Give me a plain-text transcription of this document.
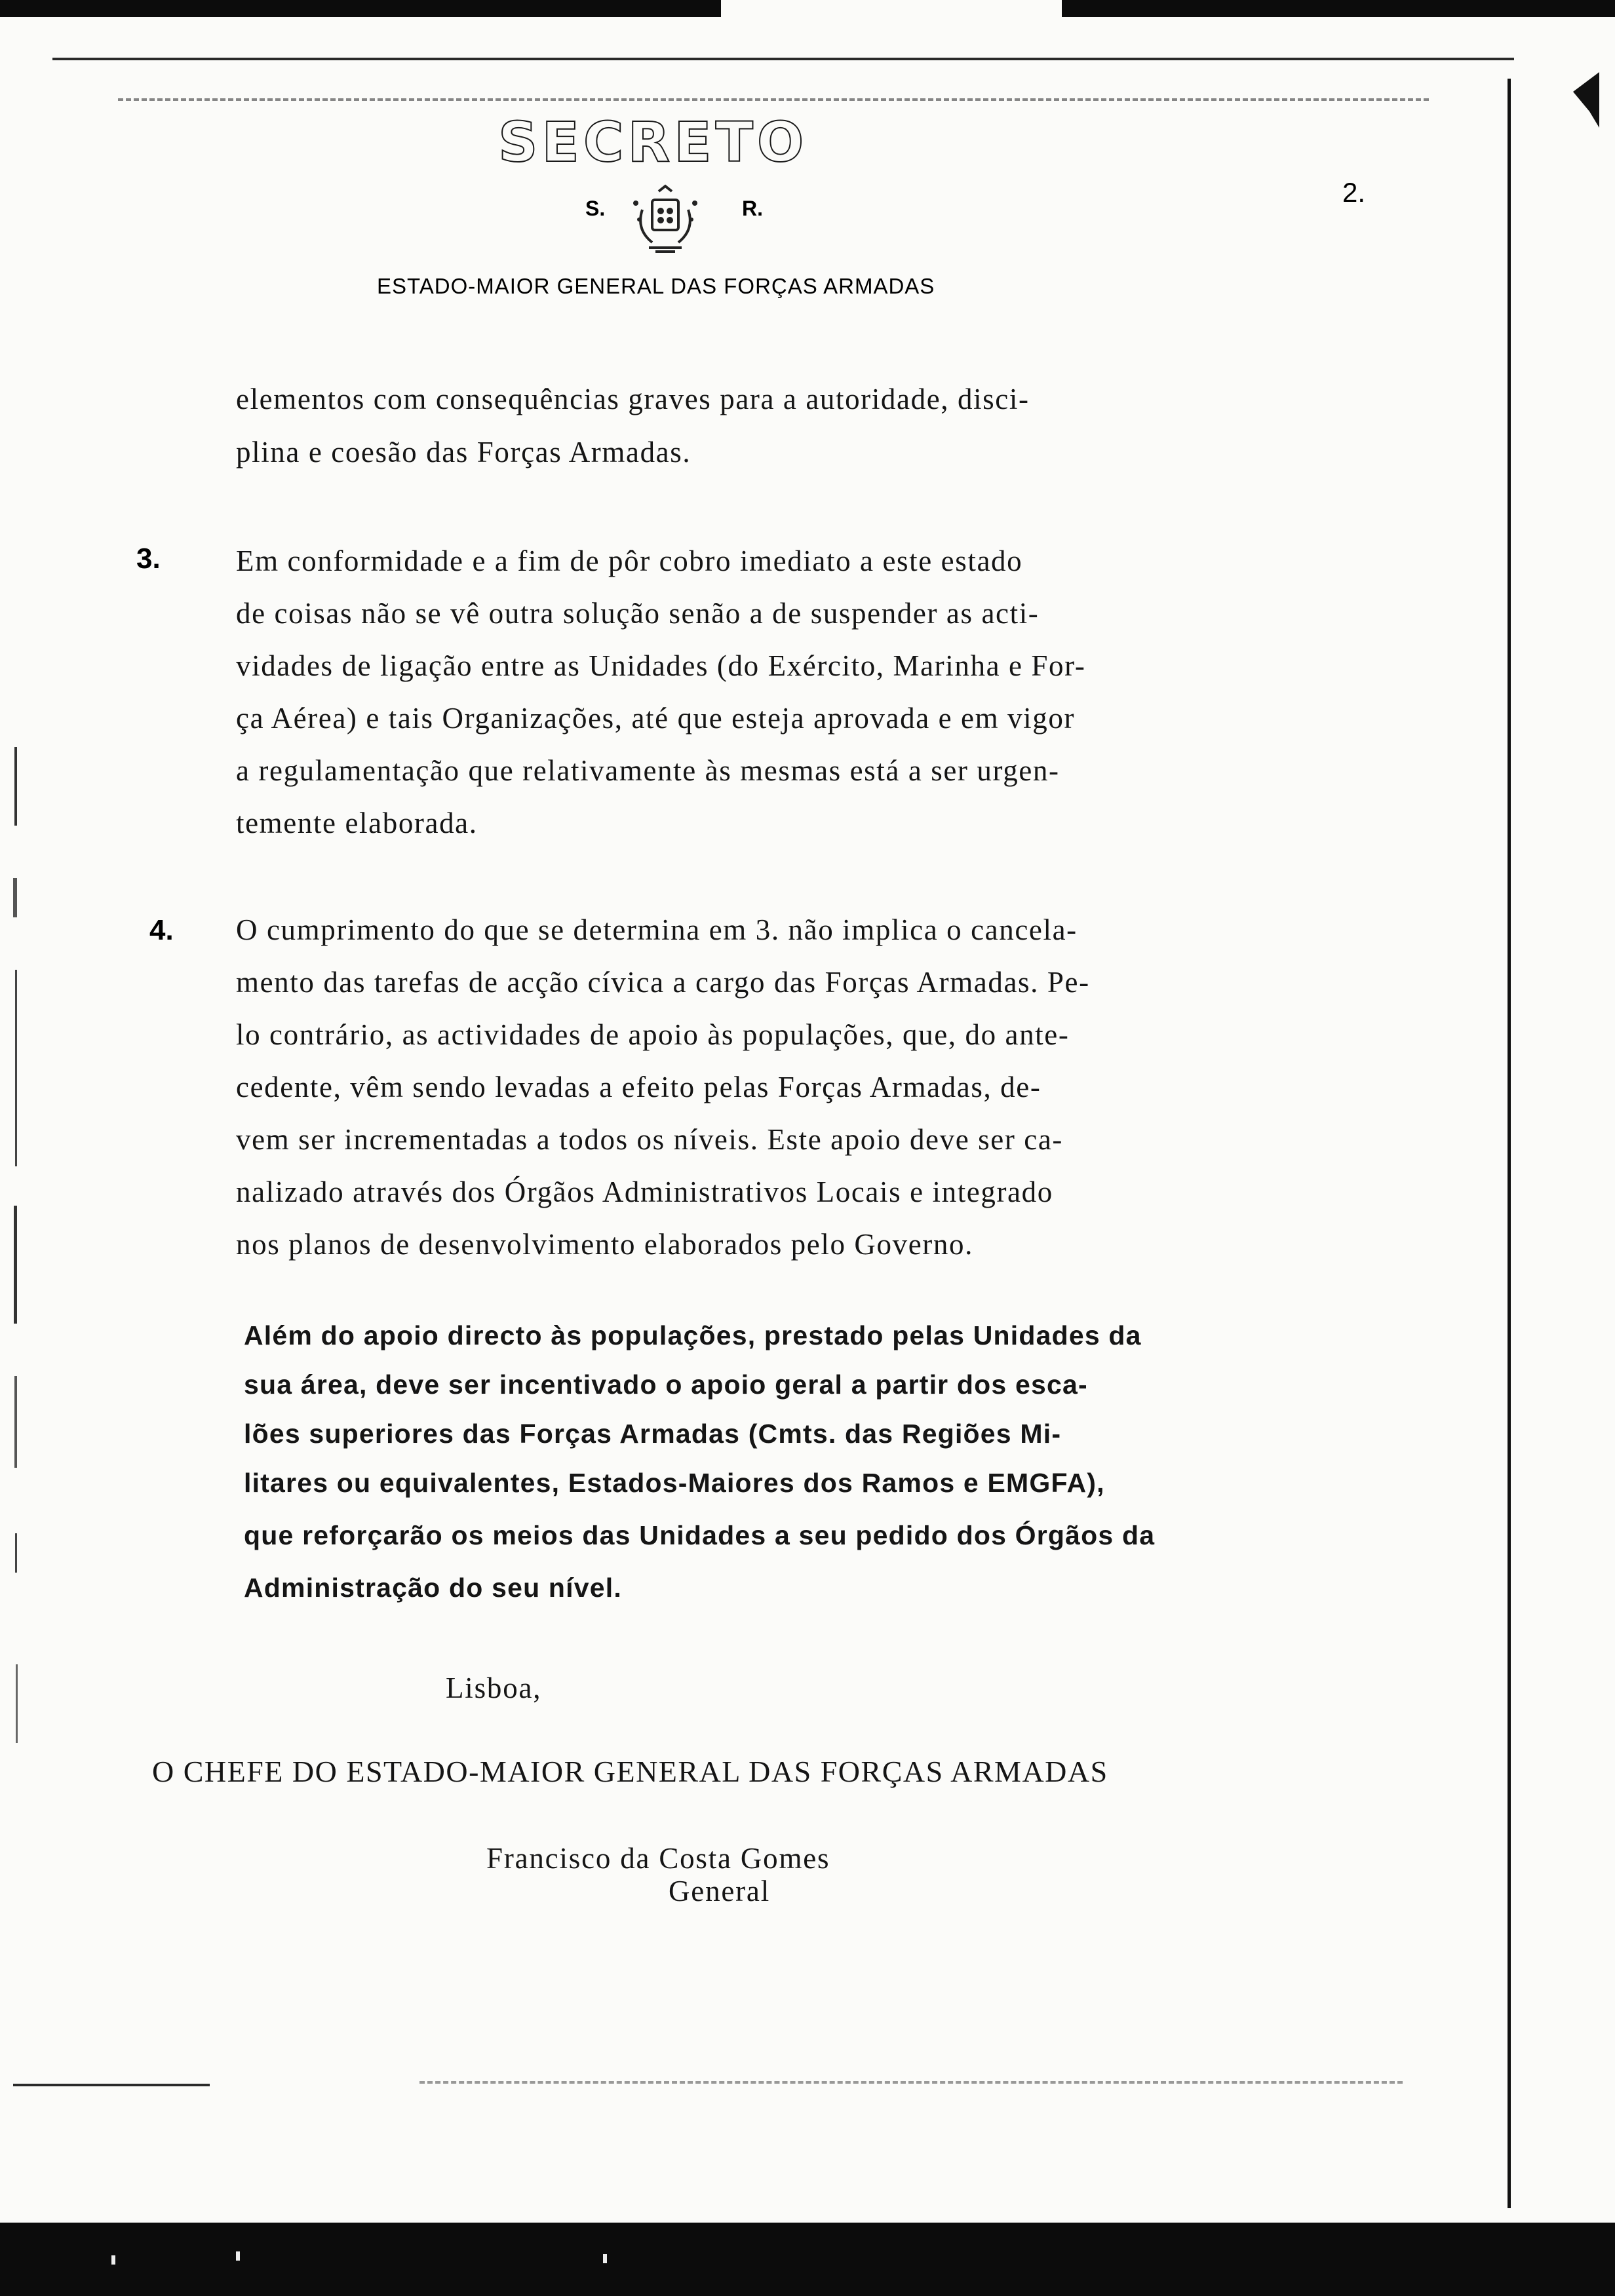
SECRETO
S.	R.
2.
ESTADO-MAIOR GENERAL DAS FORÇAS ARMADAS
elementos com consequências graves para a autoridade, disci-
plina e coesão das Forças Armadas.
3.	Em conformidade e a fim de pôr cobro imediato a este estado
de coisas não se vê outra solução senão a de suspender as acti-
vidades de ligação entre as Unidades (do Exército, Marinha e For-
ça Aérea) e tais Organizações, até que esteja aprovada e em vigor
a regulamentação que relativamente às mesmas está a ser urgen-
temente elaborada.
4. O cumprimento do que se determina em 3. não implica o cancela-
mento das tarefas de acção cívica a cargo das Forças Armadas. Pe-
lo contrário, as actividades de apoio às populações, que, do ante-
cedente, vêm sendo levadas a efeito pelas Forças Armadas, de-
vem ser incrementadas a todos os níveis. Este apoio deve ser ca-
nalizado através dos Órgãos Administrativos Locais e integrado
nos planos de desenvolvimento elaborados pelo Governo.
Além do apoio directo às populações, prestado pelas Unidades da
sua área, deve ser incentivado o apoio geral a partir dos esca-
lões superiores das Forças Armadas (Cmts. das Regiões Mi-
litares ou equivalentes, Estados-Maiores dos Ramos e EMGFA),
que reforçarão os meios das Unidades a seu pedido dos Órgãos da
Administração do seu nível.
Lisboa,
O CHEFE DO ESTADO-MAIOR GENERAL DAS FORÇAS ARMADAS
Francisco da Costa Gomes
General
